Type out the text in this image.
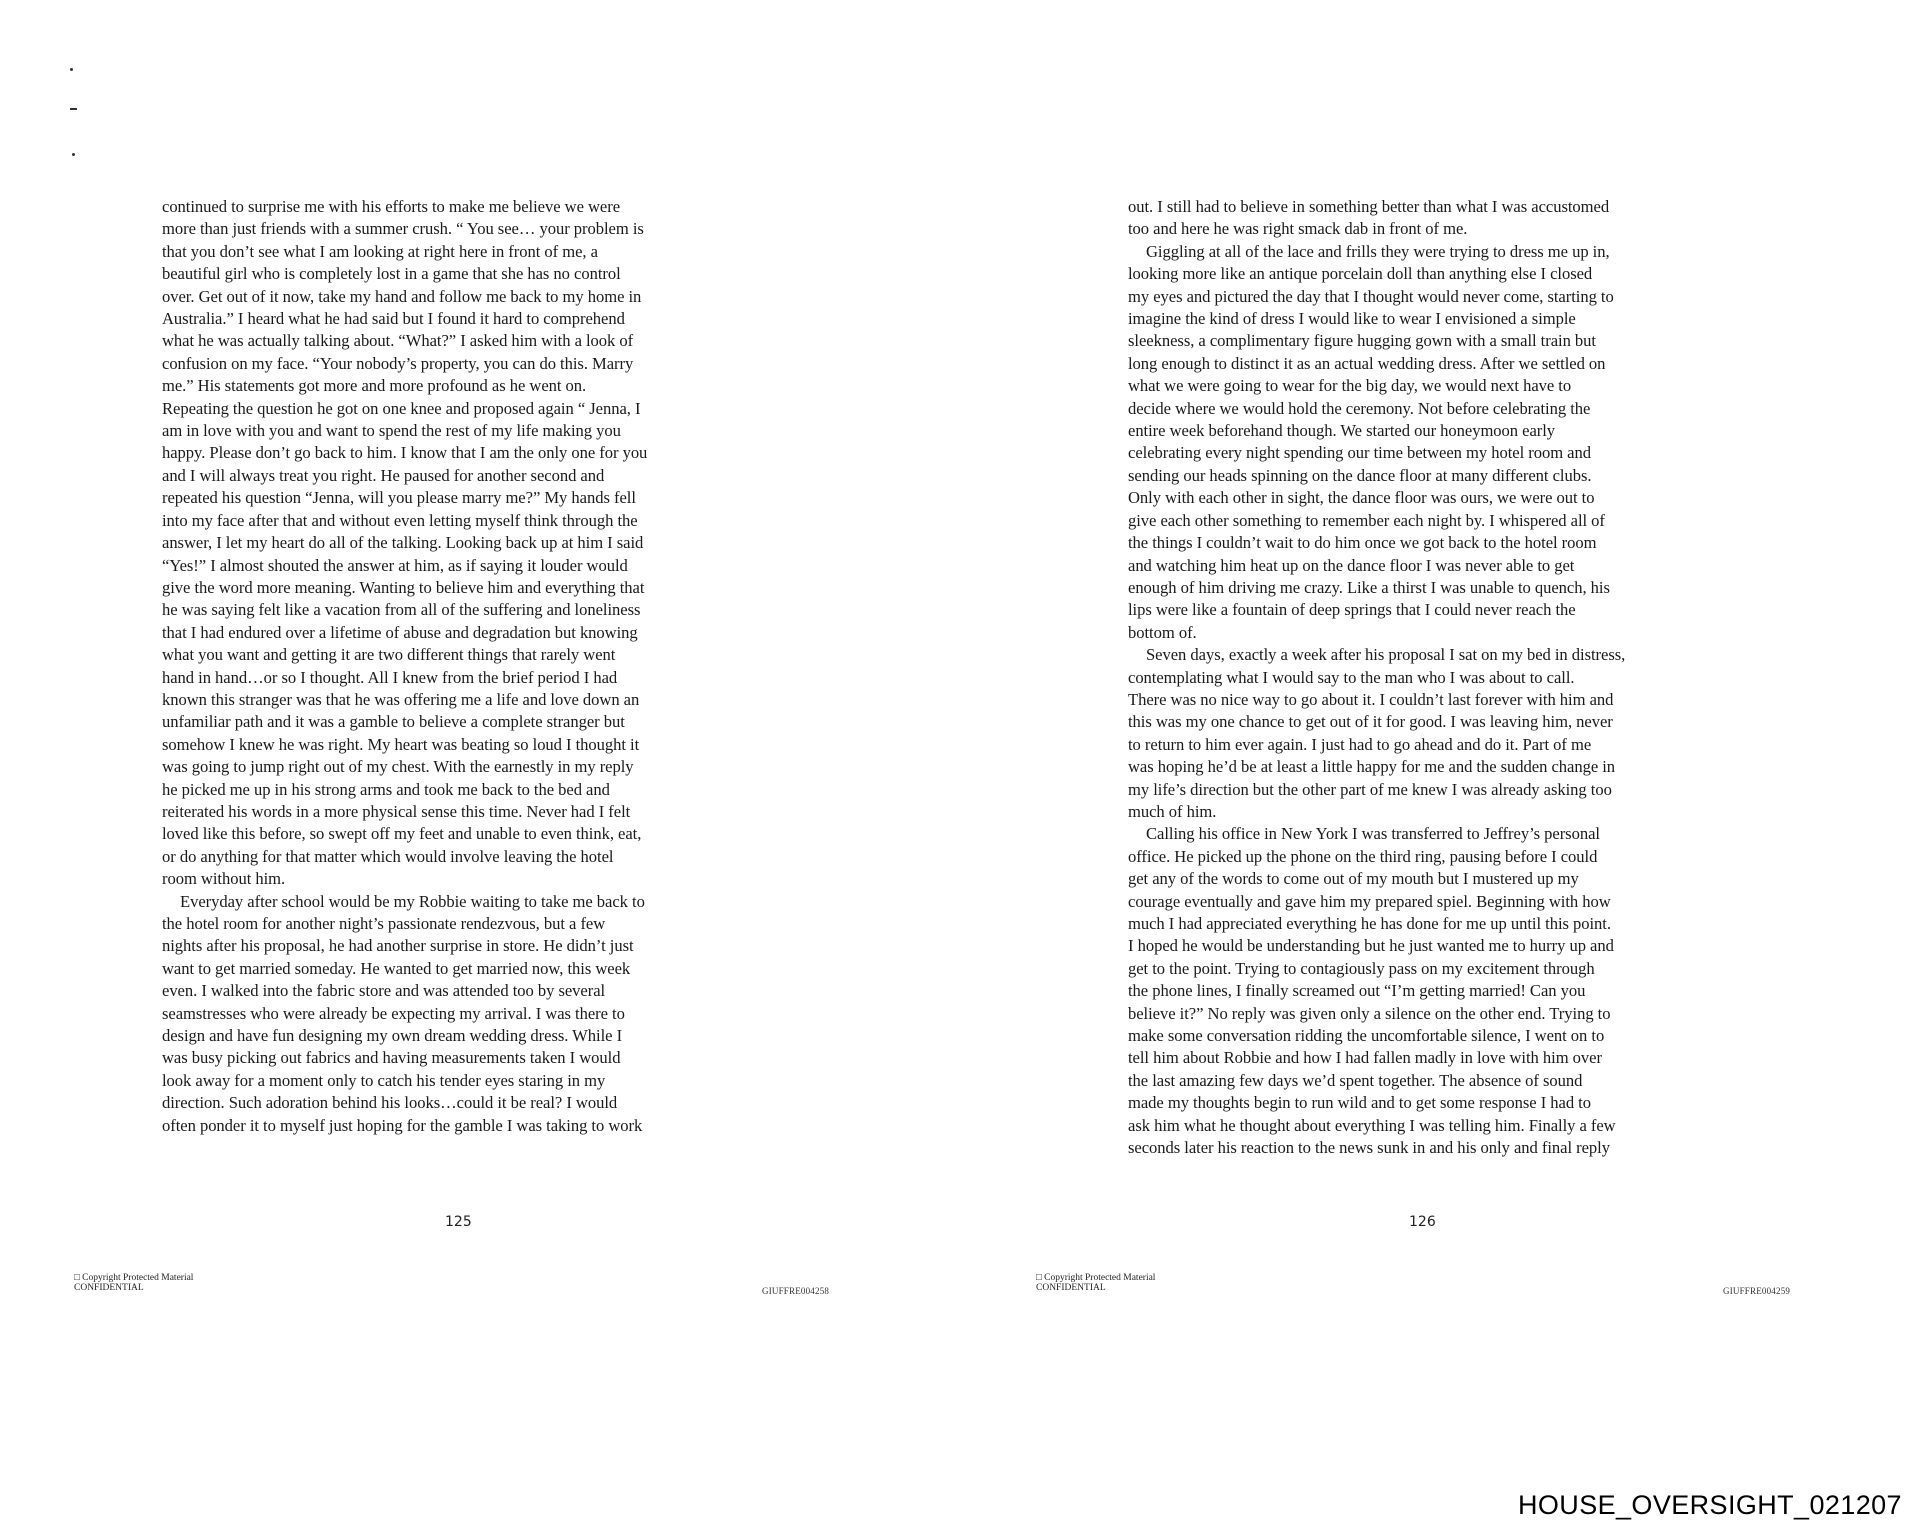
continued to surprise me with his efforts to make me believe we were
more than just friends with a summer crush. “ You see… your problem is
that you don’t see what I am looking at right here in front of me, a
beautiful girl who is completely lost in a game that she has no control
over. Get out of it now, take my hand and follow me back to my home in
Australia.” I heard what he had said but I found it hard to comprehend
what he was actually talking about. “What?” I asked him with a look of
confusion on my face. “Your nobody’s property, you can do this. Marry
me.” His statements got more and more profound as he went on.
Repeating the question he got on one knee and proposed again “ Jenna, I
am in love with you and want to spend the rest of my life making you
happy. Please don’t go back to him. I know that I am the only one for you
and I will always treat you right. He paused for another second and
repeated his question “Jenna, will you please marry me?” My hands fell
into my face after that and without even letting myself think through the
answer, I let my heart do all of the talking. Looking back up at him I said
“Yes!” I almost shouted the answer at him, as if saying it louder would
give the word more meaning. Wanting to believe him and everything that
he was saying felt like a vacation from all of the suffering and loneliness
that I had endured over a lifetime of abuse and degradation but knowing
what you want and getting it are two different things that rarely went
hand in hand…or so I thought. All I knew from the brief period I had
known this stranger was that he was offering me a life and love down an
unfamiliar path and it was a gamble to believe a complete stranger but
somehow I knew he was right. My heart was beating so loud I thought it
was going to jump right out of my chest. With the earnestly in my reply
he picked me up in his strong arms and took me back to the bed and
reiterated his words in a more physical sense this time. Never had I felt
loved like this before, so swept off my feet and unable to even think, eat,
or do anything for that matter which would involve leaving the hotel
room without him.
Everyday after school would be my Robbie waiting to take me back to
the hotel room for another night’s passionate rendezvous, but a few
nights after his proposal, he had another surprise in store. He didn’t just
want to get married someday. He wanted to get married now, this week
even. I walked into the fabric store and was attended too by several
seamstresses who were already be expecting my arrival. I was there to
design and have fun designing my own dream wedding dress. While I
was busy picking out fabrics and having measurements taken I would
look away for a moment only to catch his tender eyes staring in my
direction. Such adoration behind his looks…could it be real? I would
often ponder it to myself just hoping for the gamble I was taking to work
125
□ Copyright Protected Material
CONFIDENTIAL	GIUFFRE004258
out. I still had to believe in something better than what I was accustomed
too and here he was right smack dab in front of me.
Giggling at all of the lace and frills they were trying to dress me up in,
looking more like an antique porcelain doll than anything else I closed
my eyes and pictured the day that I thought would never come, starting to
imagine the kind of dress I would like to wear I envisioned a simple
sleekness, a complimentary figure hugging gown with a small train but
long enough to distinct it as an actual wedding dress. After we settled on
what we were going to wear for the big day, we would next have to
decide where we would hold the ceremony. Not before celebrating the
entire week beforehand though. We started our honeymoon early
celebrating every night spending our time between my hotel room and
sending our heads spinning on the dance floor at many different clubs.
Only with each other in sight, the dance floor was ours, we were out to
give each other something to remember each night by. I whispered all of
the things I couldn’t wait to do him once we got back to the hotel room
and watching him heat up on the dance floor I was never able to get
enough of him driving me crazy. Like a thirst I was unable to quench, his
lips were like a fountain of deep springs that I could never reach the
bottom of.
Seven days, exactly a week after his proposal I sat on my bed in distress,
contemplating what I would say to the man who I was about to call.
There was no nice way to go about it. I couldn’t last forever with him and
this was my one chance to get out of it for good. I was leaving him, never
to return to him ever again. I just had to go ahead and do it. Part of me
was hoping he’d be at least a little happy for me and the sudden change in
my life’s direction but the other part of me knew I was already asking too
much of him.
Calling his office in New York I was transferred to Jeffrey’s personal
office. He picked up the phone on the third ring, pausing before I could
get any of the words to come out of my mouth but I mustered up my
courage eventually and gave him my prepared spiel. Beginning with how
much I had appreciated everything he has done for me up until this point.
I hoped he would be understanding but he just wanted me to hurry up and
get to the point. Trying to contagiously pass on my excitement through
the phone lines, I finally screamed out “I’m getting married! Can you
believe it?” No reply was given only a silence on the other end. Trying to
make some conversation ridding the uncomfortable silence, I went on to
tell him about Robbie and how I had fallen madly in love with him over
the last amazing few days we’d spent together. The absence of sound
made my thoughts begin to run wild and to get some response I had to
ask him what he thought about everything I was telling him. Finally a few
seconds later his reaction to the news sunk in and his only and final reply
126
□ Copyright Protected Material
CONFIDENTIAL	GIUFFRE004259
HOUSE_OVERSIGHT_021207
